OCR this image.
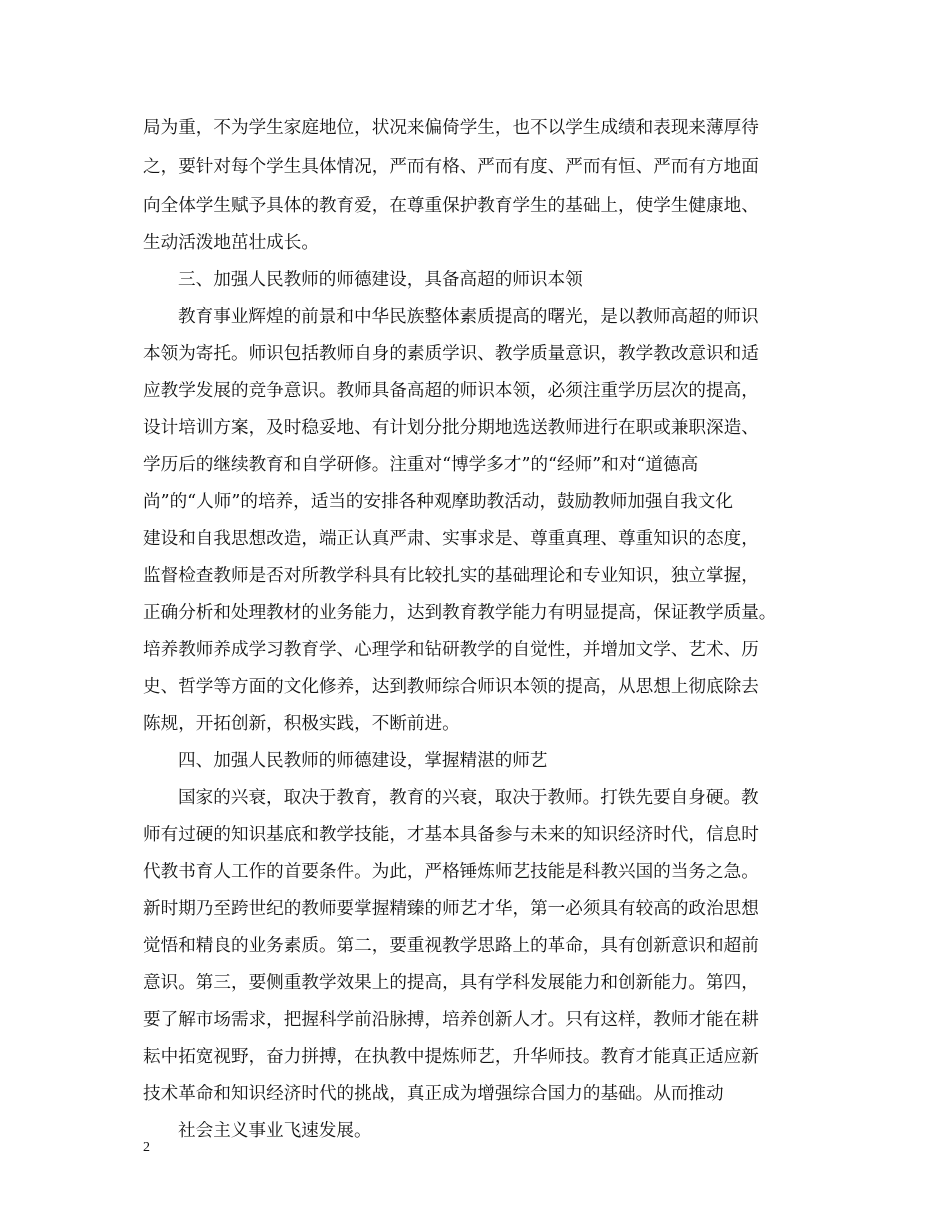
局为重，不为学生家庭地位，状况来偏倚学生，也不以学生成绩和表现来薄厚待
之，要针对每个学生具体情况，严而有格、严而有度、严而有恒、严而有方地面
向全体学生赋予具体的教育爱，在尊重保护教育学生的基础上，使学生健康地、
生动活泼地茁壮成长。
三、加强人民教师的师德建设，具备高超的师识本领
教育事业辉煌的前景和中华民族整体素质提高的曙光，是以教师高超的师识
本领为寄托。师识包括教师自身的素质学识、教学质量意识，教学教改意识和适
应教学发展的竞争意识。教师具备高超的师识本领，必须注重学历层次的提高，
设计培训方案，及时稳妥地、有计划分批分期地选送教师进行在职或兼职深造、
学历后的继续教育和自学研修。注重对“博学多才”的“经师”和对“道德高
尚”的“人师”的培养，适当的安排各种观摩助教活动，鼓励教师加强自我文化
建设和自我思想改造，端正认真严肃、实事求是、尊重真理、尊重知识的态度，
监督检查教师是否对所教学科具有比较扎实的基础理论和专业知识，独立掌握，
正确分析和处理教材的业务能力，达到教育教学能力有明显提高，保证教学质量。
培养教师养成学习教育学、心理学和钻研教学的自觉性，并增加文学、艺术、历
史、哲学等方面的文化修养，达到教师综合师识本领的提高，从思想上彻底除去
陈规，开拓创新，积极实践，不断前进。
四、加强人民教师的师德建设，掌握精湛的师艺
国家的兴衰，取决于教育，教育的兴衰，取决于教师。打铁先要自身硬。教
师有过硬的知识基底和教学技能，才基本具备参与未来的知识经济时代，信息时
代教书育人工作的首要条件。为此，严格锤炼师艺技能是科教兴国的当务之急。
新时期乃至跨世纪的教师要掌握精臻的师艺才华，第一必须具有较高的政治思想
觉悟和精良的业务素质。第二，要重视教学思路上的革命，具有创新意识和超前
意识。第三，要侧重教学效果上的提高，具有学科发展能力和创新能力。第四，
要了解市场需求，把握科学前沿脉搏，培养创新人才。只有这样，教师才能在耕
耘中拓宽视野，奋力拼搏，在执教中提炼师艺，升华师技。教育才能真正适应新
技术革命和知识经济时代的挑战，真正成为增强综合国力的基础。从而推动
社会主义事业飞速发展。
2
